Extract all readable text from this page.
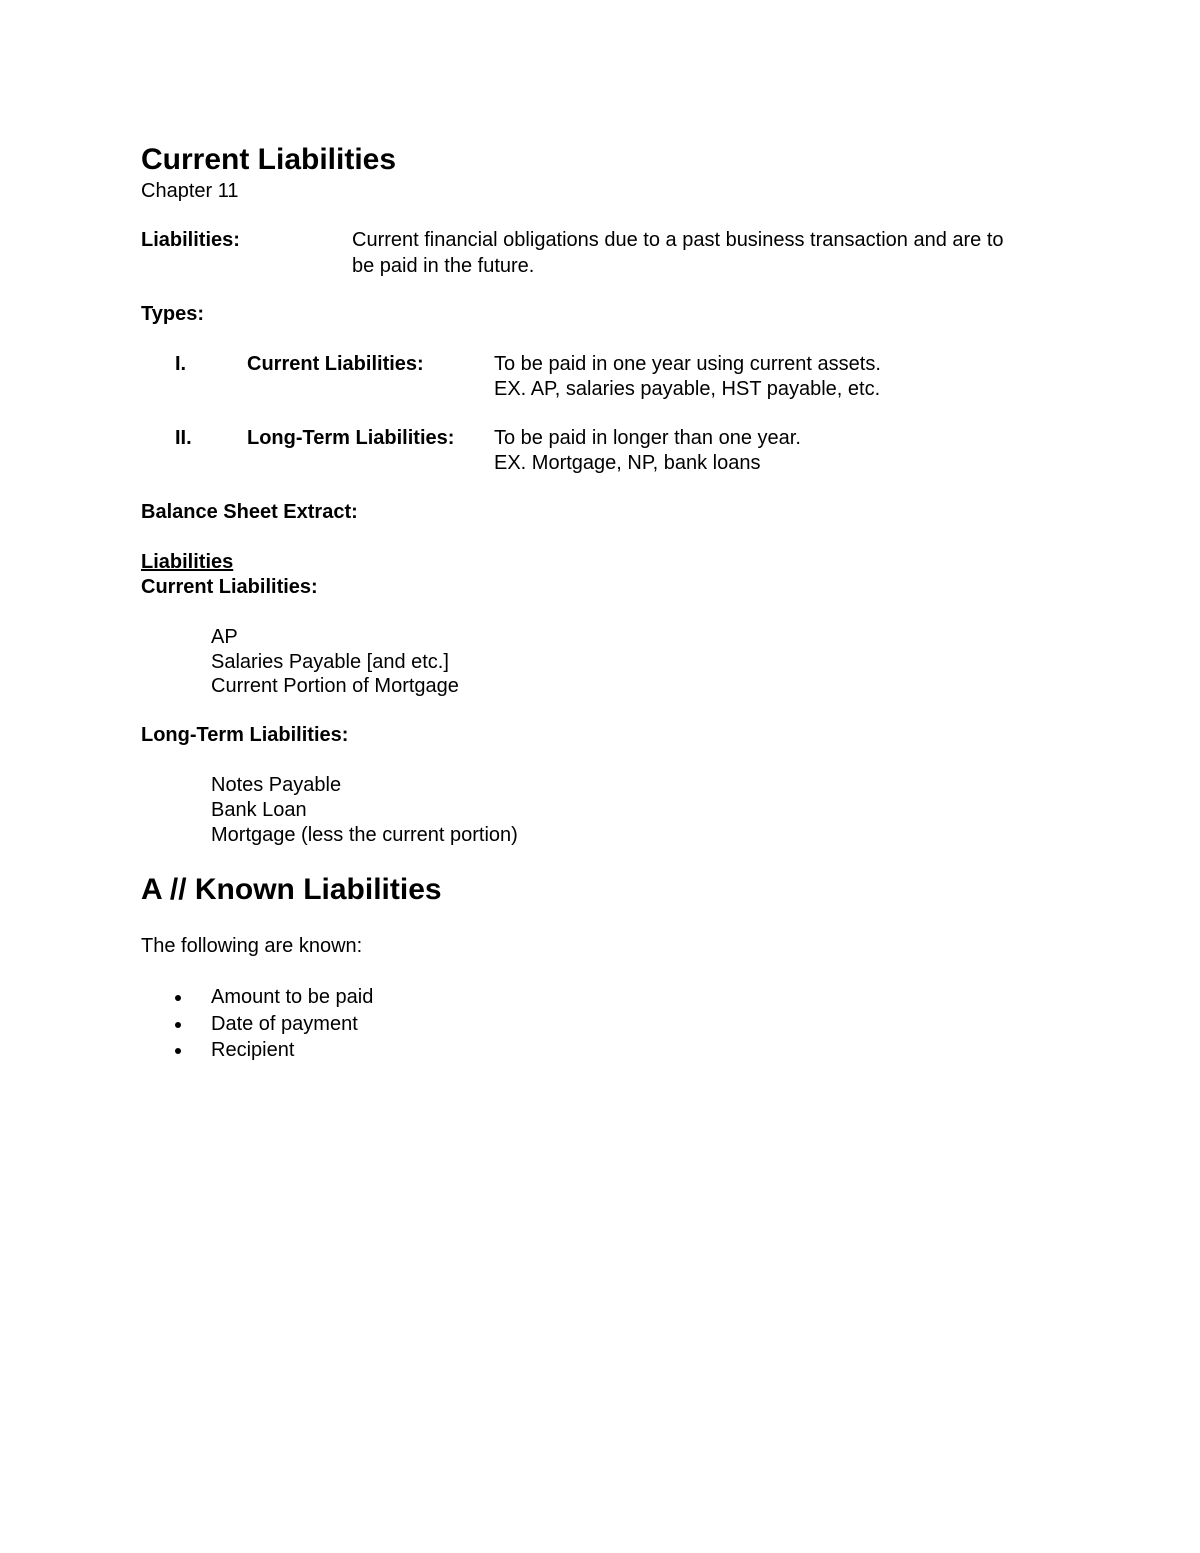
Current Liabilities
Chapter 11
Liabilities:	Current financial obligations due to a past business transaction and are to
be paid in the future.
Types:
I.	Current Liabilities:	To be paid in one year using current assets.
EX. AP, salaries payable, HST payable, etc.
II.	Long-Term Liabilities: To be paid in longer than one year.
EX. Mortgage, NP, bank loans
Balance Sheet Extract:
Liabilities
Current Liabilities:
AP
Salaries Payable [and etc.]
Current Portion of Mortgage
Long-Term Liabilities:
Notes Payable
Bank Loan
Mortgage (less the current portion)
A // Known Liabilities
The following are known:
Amount to be paid
Date of payment
Recipient
